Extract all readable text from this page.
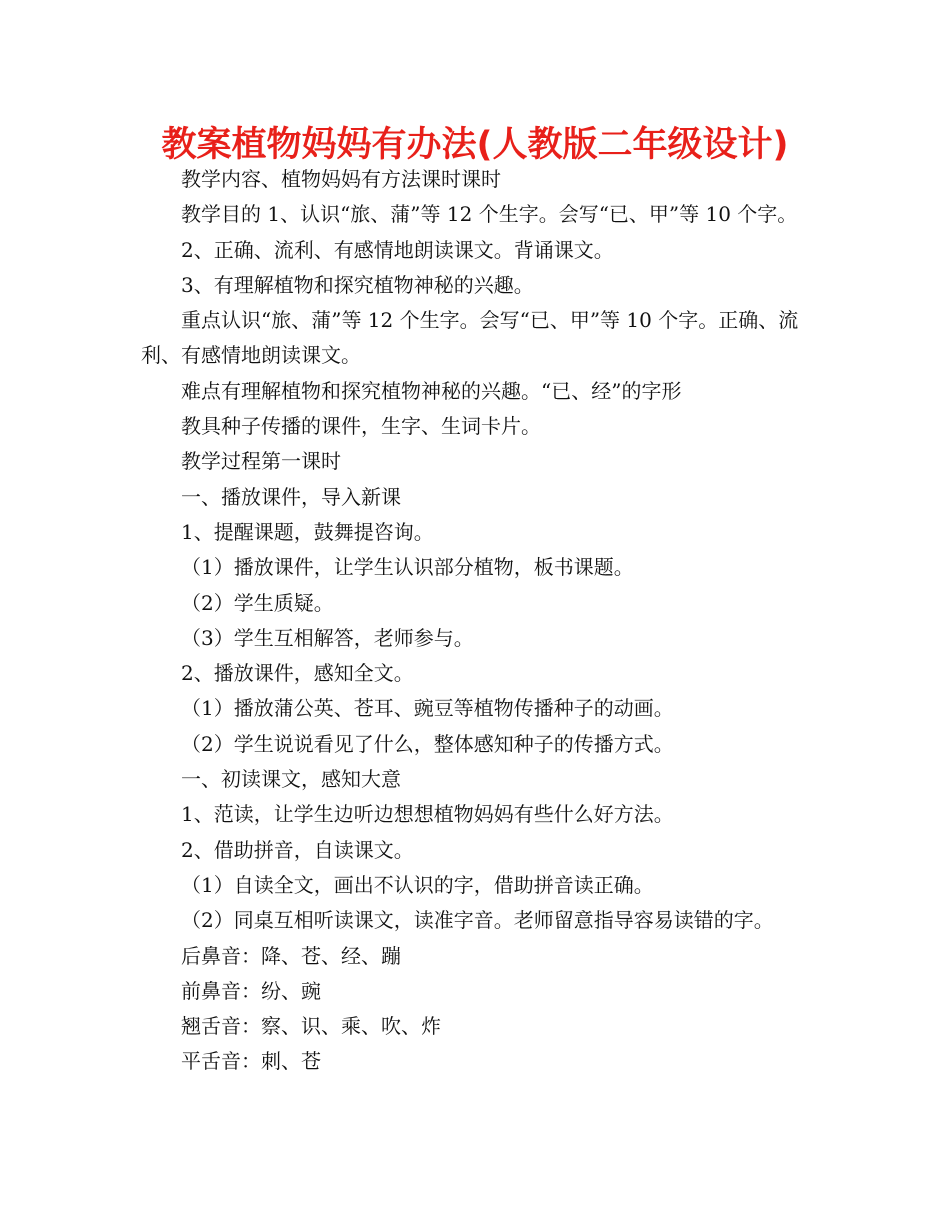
教案植物妈妈有办法(人教版二年级设计)

教学内容、植物妈妈有方法课时课时

教学目的 1、认识“旅、蒲”等 12 个生字。会写“已、甲”等 10 个字。

2、正确、流利、有感情地朗读课文。背诵课文。

3、有理解植物和探究植物神秘的兴趣。

重点认识“旅、蒲”等 12 个生字。会写“已、甲”等 10 个字。正确、流利、有感情地朗读课文。

难点有理解植物和探究植物神秘的兴趣。“已、经”的字形

教具种子传播的课件，生字、生词卡片。

教学过程第一课时

一、播放课件，导入新课

1、提醒课题，鼓舞提咨询。

（1）播放课件，让学生认识部分植物，板书课题。

（2）学生质疑。

（3）学生互相解答，老师参与。

2、播放课件，感知全文。

（1）播放蒲公英、苍耳、豌豆等植物传播种子的动画。

（2）学生说说看见了什么，整体感知种子的传播方式。

一、初读课文，感知大意

1、范读，让学生边听边想想植物妈妈有些什么好方法。

2、借助拼音，自读课文。

（1）自读全文，画出不认识的字，借助拼音读正确。

（2）同桌互相听读课文，读准字音。老师留意指导容易读错的字。

后鼻音：降、苍、经、蹦

前鼻音：纷、豌

翘舌音：察、识、乘、吹、炸

平舌音：刺、苍
